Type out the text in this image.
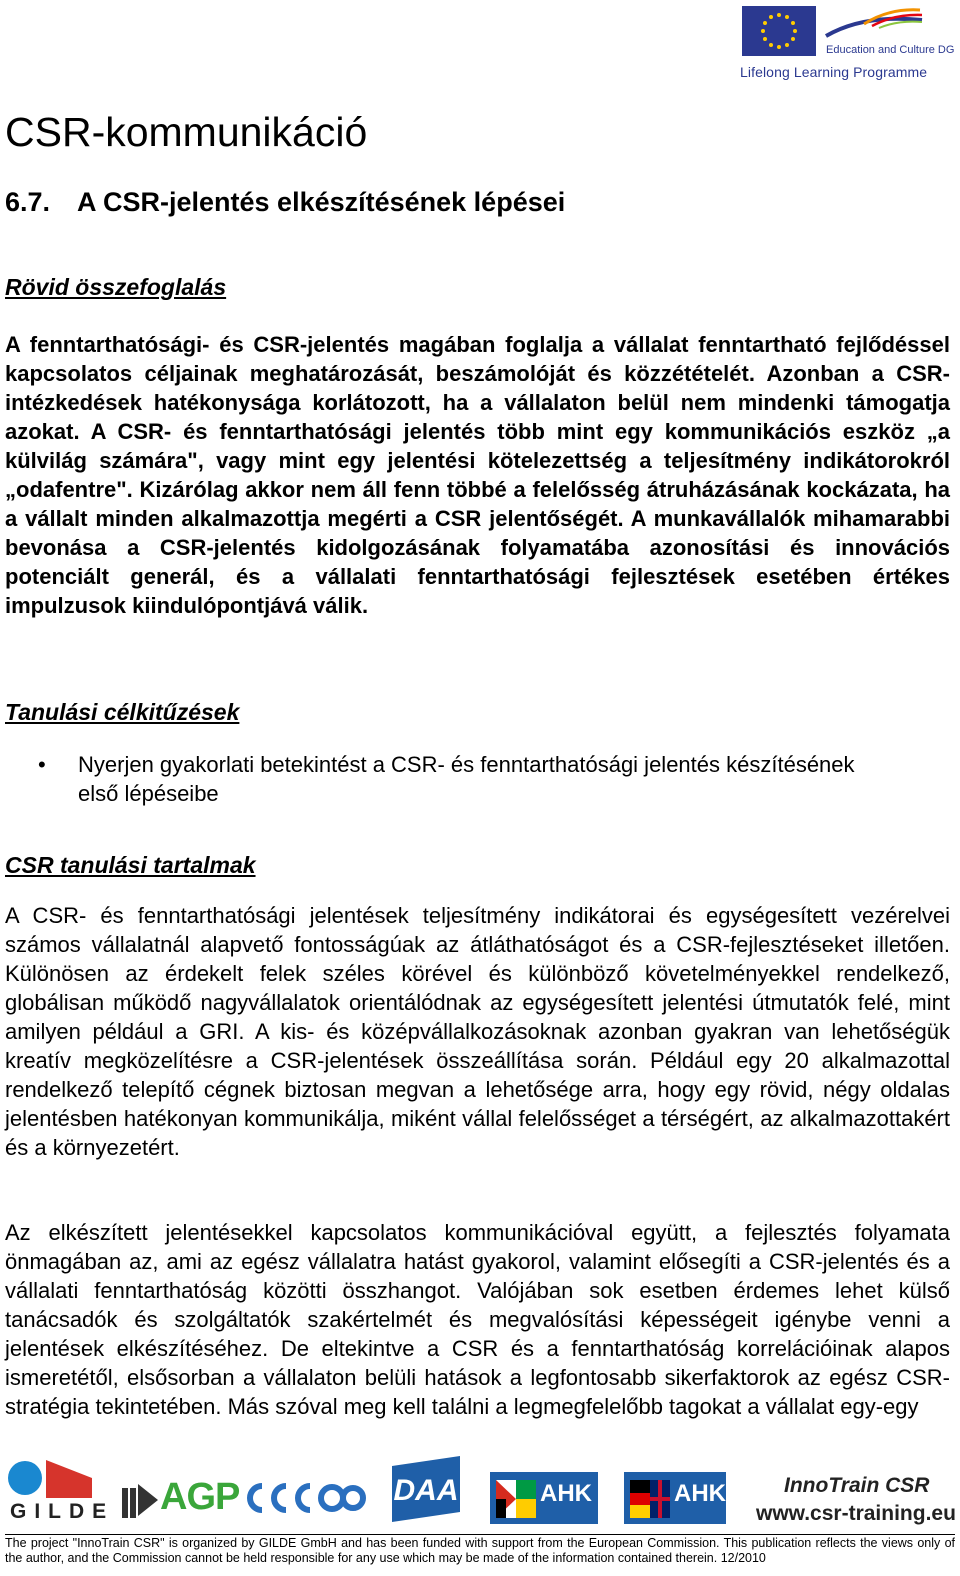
Education and Culture DG
Lifelong Learning Programme
CSR-kommunikáció
6.7. A CSR-jelentés elkészítésének lépései
Rövid összefoglalás

A fenntarthatósági- és CSR-jelentés magában foglalja a vállalat fenntartható fejlődéssel kapcsolatos céljainak meghatározását, beszámolóját és közzétételét. Azonban a CSR-intézkedések hatékonysága korlátozott, ha a vállalaton belül nem mindenki támogatja azokat. A CSR- és fenntarthatósági jelentés több mint egy kommunikációs eszköz „a külvilág számára", vagy mint egy jelentési kötelezettség a teljesítmény indikátorokról „odafentre". Kizárólag akkor nem áll fenn többé a felelősség átruházásának kockázata, ha a vállalt minden alkalmazottja megérti a CSR jelentőségét. A munkavállalók mihamarabbi bevonása a CSR-jelentés kidolgozásának folyamatába azonosítási és innovációs potenciált generál, és a vállalati fenntarthatósági fejlesztések esetében értékes impulzusok kiindulópontjává válik.

Tanulási célkitűzések
•	Nyerjen gyakorlati betekintést a CSR- és fenntarthatósági jelentés készítésének első lépéseibe
CSR tanulási tartalmak

A CSR- és fenntarthatósági jelentések teljesítmény indikátorai és egységesített vezérelvei számos vállalatnál alapvető fontosságúak az átláthatóságot és a CSR-fejlesztéseket illetően. Különösen az érdekelt felek széles körével és különböző követelményekkel rendelkező, globálisan működő nagyvállalatok orientálódnak az egységesített jelentési útmutatók felé, mint amilyen például a GRI. A kis- és középvállalkozásoknak azonban gyakran van lehetőségük kreatív megközelítésre a CSR-jelentések összeállítása során. Például egy 20 alkalmazottal rendelkező telepítő cégnek biztosan megvan a lehetősége arra, hogy egy rövid, négy oldalas jelentésben hatékonyan kommunikálja, miként vállal felelősséget a térségért, az alkalmazottakért és a környezetért.

Az elkészített jelentésekkel kapcsolatos kommunikációval együtt, a fejlesztés folyamata önmagában az, ami az egész vállalatra hatást gyakorol, valamint elősegíti a CSR-jelentés és a vállalati fenntarthatóság közötti összhangot. Valójában sok esetben érdemes lehet külső tanácsadók és szolgáltatók szakértelmét és megvalósítási képességeit igénybe venni a jelentések elkészítéséhez. De eltekintve a CSR és a fenntarthatóság korrelációinak alapos ismeretétől, elsősorban a vállalaton belüli hatások a legfontosabb sikerfaktorok az egész CSR-stratégia tekintetében. Más szóval meg kell találni a legmegfelelőbb tagokat a vállalat egy-egy

GILDE AGP	DAA	AHK	AHK	InnoTrain CSR
www.csr-training.eu

The project "InnoTrain CSR" is organized by GILDE GmbH and has been funded with support from the European Commission. This publication reflects the views only of the author, and the Commission cannot be held responsible for any use which may be made of the information contained therein. 12/2010
